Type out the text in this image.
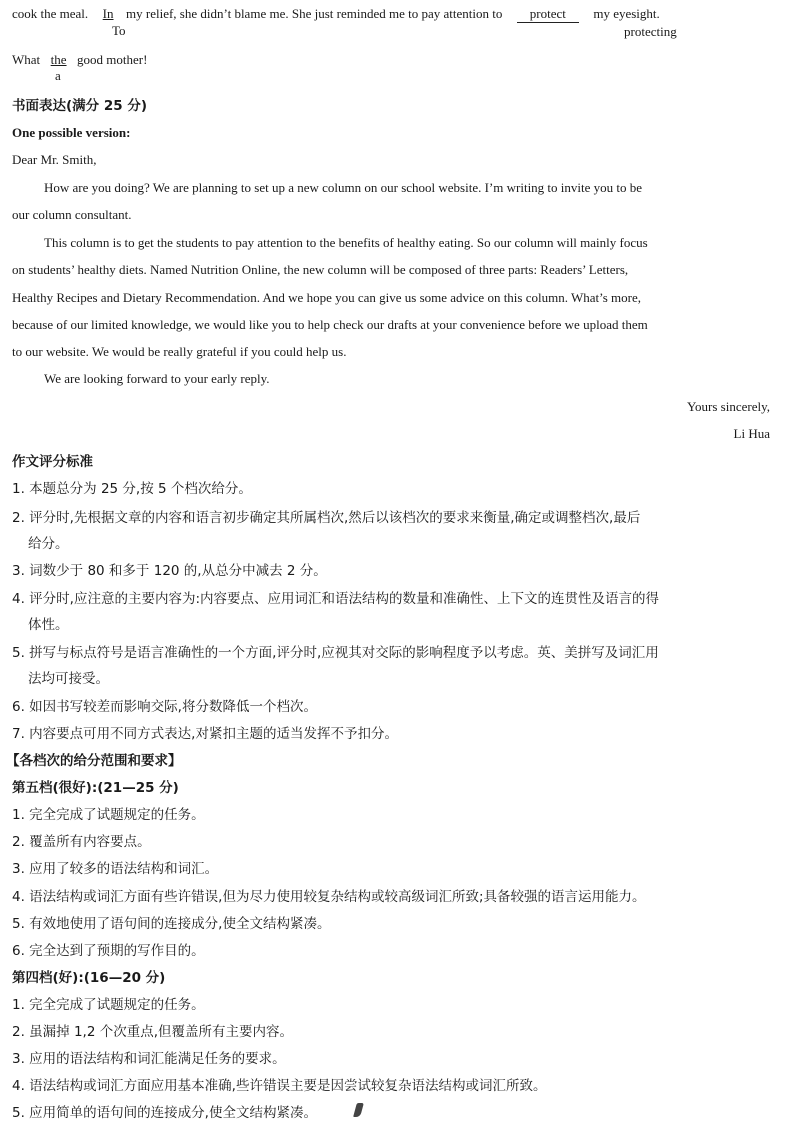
cook the meal. In my relief, she didn’t blame me. She just reminded me to pay attention to protect my eyesight.
To	protecting
What the good mother!
a
书面表达(满分 25 分)
One possible version:
Dear Mr. Smith,
How are you doing? We are planning to set up a new column on our school website. I’m writing to invite you to be
our column consultant.
This column is to get the students to pay attention to the benefits of healthy eating. So our column will mainly focus
on students’ healthy diets. Named Nutrition Online, the new column will be composed of three parts: Readers’ Letters,
Healthy Recipes and Dietary Recommendation. And we hope you can give us some advice on this column. What’s more,
because of our limited knowledge, we would like you to help check our drafts at your convenience before we upload them
to our website. We would be really grateful if you could help us.
We are looking forward to your early reply.
Yours sincerely,
Li Hua
作文评分标准
1. 本题总分为 25 分,按 5 个档次给分。
2. 评分时,先根据文章的内容和语言初步确定其所属档次,然后以该档次的要求来衡量,确定或调整档次,最后
给分。
3. 词数少于 80 和多于 120 的,从总分中减去 2 分。
4. 评分时,应注意的主要内容为:内容要点、应用词汇和语法结构的数量和准确性、上下文的连贯性及语言的得
体性。
5. 拼写与标点符号是语言准确性的一个方面,评分时,应视其对交际的影响程度予以考虑。英、美拼写及词汇用
法均可接受。
6. 如因书写较差而影响交际,将分数降低一个档次。
7. 内容要点可用不同方式表达,对紧扣主题的适当发挥不予扣分。
【各档次的给分范围和要求】
第五档(很好):(21—25 分)
1. 完全完成了试题规定的任务。
2. 覆盖所有内容要点。
3. 应用了较多的语法结构和词汇。
4. 语法结构或词汇方面有些许错误,但为尽力使用较复杂结构或较高级词汇所致;具备较强的语言运用能力。
5. 有效地使用了语句间的连接成分,使全文结构紧凑。
6. 完全达到了预期的写作目的。
第四档(好):(16—20 分)
1. 完全完成了试题规定的任务。
2. 虽漏掉 1,2 个次重点,但覆盖所有主要内容。
3. 应用的语法结构和词汇能满足任务的要求。
4. 语法结构或词汇方面应用基本准确,些许错误主要是因尝试较复杂语法结构或词汇所致。
5. 应用简单的语句间的连接成分,使全文结构紧凑。
